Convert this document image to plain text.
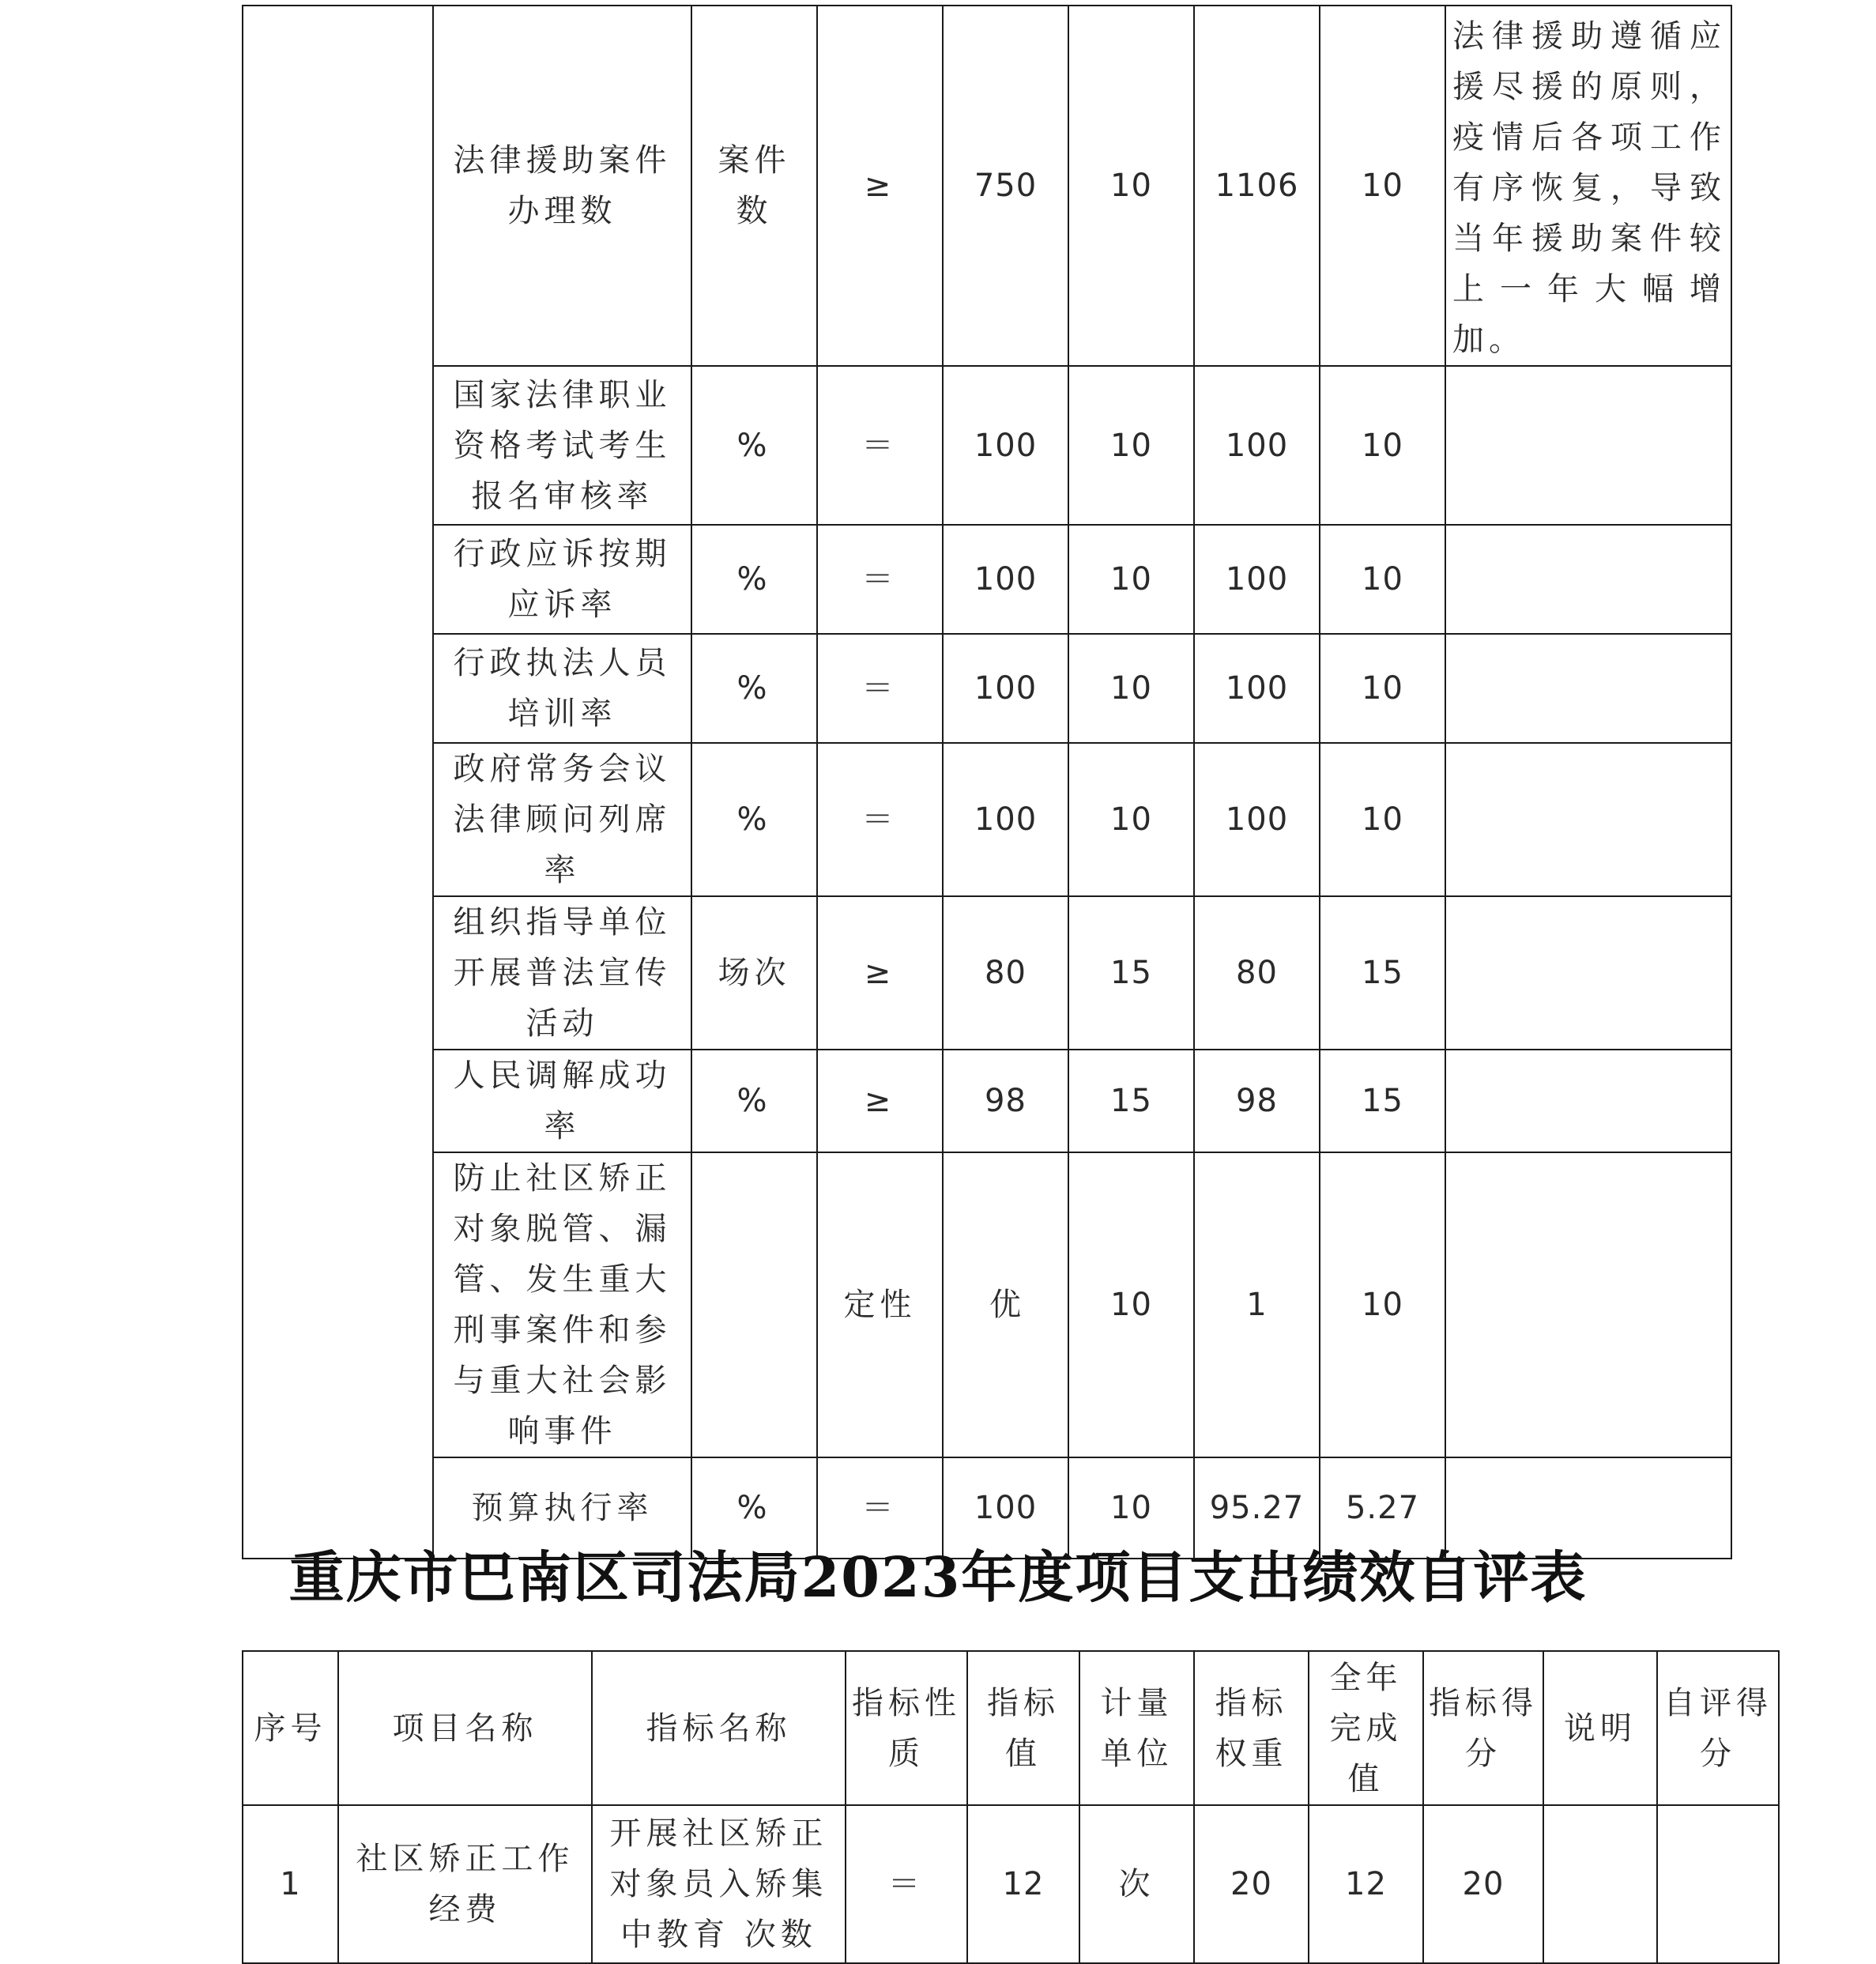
	法律援助案件办理数	案件数	≥	750	10	1106	10	法律援助遵循应援尽援的原则，疫情后各项工作有序恢复，导致当年援助案件较上一年大幅增加。
	国家法律职业资格考试考生报名审核率	%	＝	100	10	100	10	
	行政应诉按期应诉率	%	＝	100	10	100	10	
	行政执法人员培训率	%	＝	100	10	100	10	
	政府常务会议法律顾问列席率	%	＝	100	10	100	10	
	组织指导单位开展普法宣传活动	场次	≥	80	15	80	15	
	人民调解成功率	%	≥	98	15	98	15	
	防止社区矫正对象脱管、漏管、发生重大刑事案件和参与重大社会影响事件		定性	优	10	1	10	
	预算执行率	%	＝	100	10	95.27	5.27	
重庆市巴南区司法局2023年度项目支出绩效自评表
序号	项目名称	指标名称	指标性质	指标值	计量单位	指标权重	全年完成值	指标得分	说明	自评得分
1	社区矫正工作经费	开展社区矫正对象员入矫集中教育 次数	＝	12	次	20	12	20		
